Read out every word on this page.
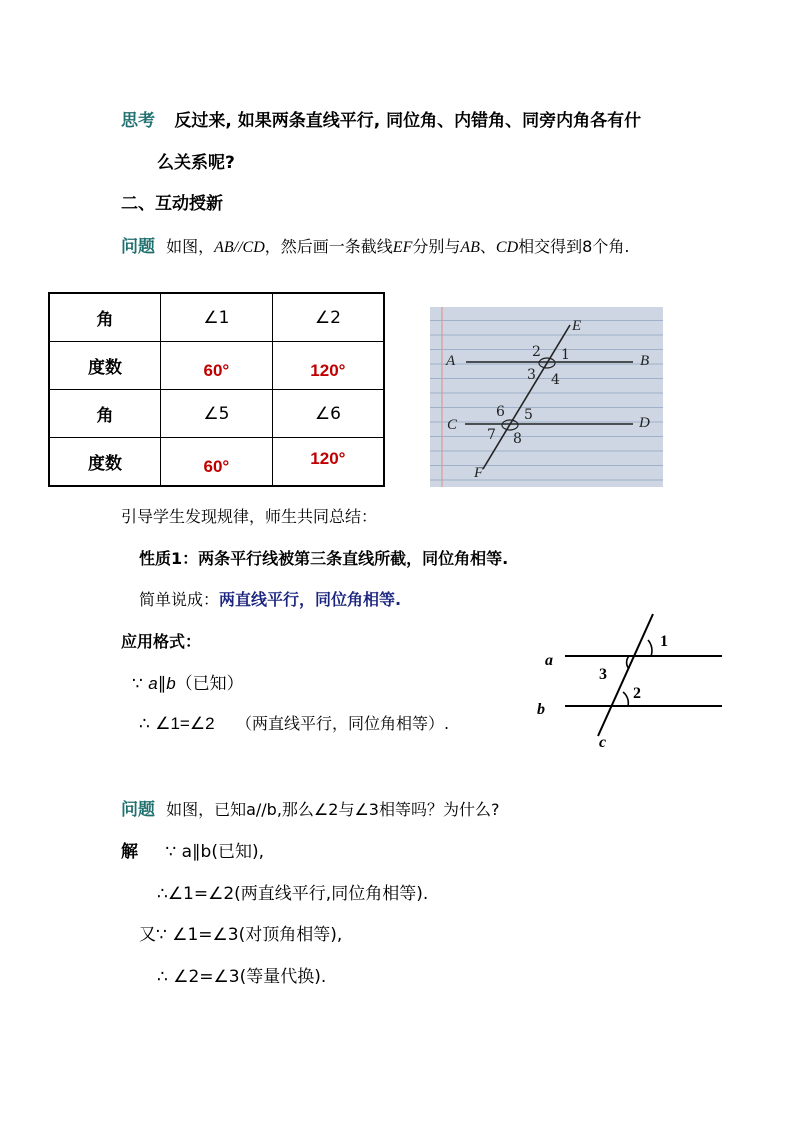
思考 反过来, 如果两条直线平行, 同位角、内错角、同旁内角各有什
么关系呢?
二、互动授新
问题 如图，AB//CD，然后画一条截线EF分别与AB、CD相交得到8个角.
角	∠1	∠2
度数	60°	120°
角	∠5	∠6
度数	60°	120°
A	B
C	D
E
F
1
2
3 4
5
6
7 8
引导学生发现规律，师生共同总结：
性质1：两条平行线被第三条直线所截，同位角相等.
简单说成：两直线平行，同位角相等.
应用格式：
∵ a∥b（已知）
∴ ∠1=∠2 （两直线平行，同位角相等）.
a
b
c
1
2
3
问题 如图，已知a//b,那么∠2与∠3相等吗？为什么?
解 ∵ a∥b(已知),
∴∠1=∠2(两直线平行,同位角相等).
又∵ ∠1=∠3(对顶角相等),
∴ ∠2=∠3(等量代换).
